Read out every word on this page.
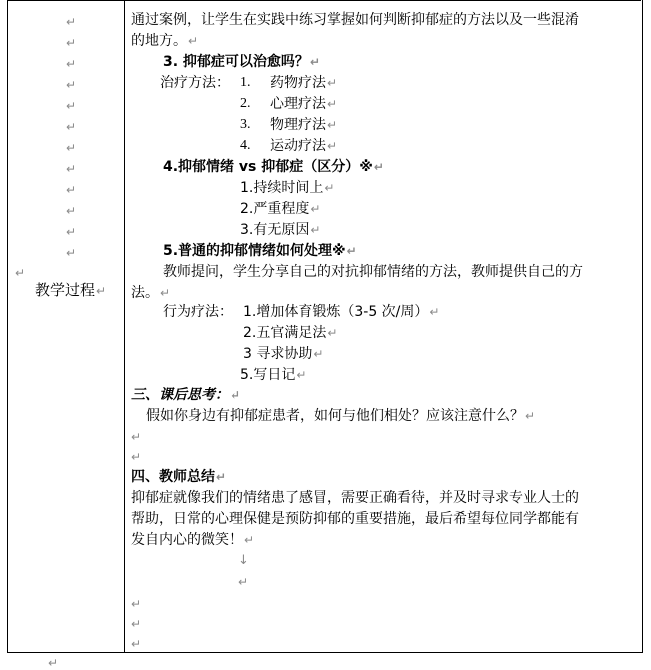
↵
↵
↵
↵
↵
↵
↵
↵
↵
↵
↵
↵
↵
教学过程↵
通过案例，让学生在实践中练习掌握如何判断抑郁症的方法以及一些混淆
的地方。↵
3. 抑郁症可以治愈吗？↵
治疗方法： 1. 药物疗法↵
2. 心理疗法↵
3. 物理疗法↵
4. 运动疗法↵
4.抑郁情绪 vs 抑郁症（区分）※↵
1.持续时间上↵
2.严重程度↵
3.有无原因↵
5.普通的抑郁情绪如何处理※↵
教师提问，学生分享自己的对抗抑郁情绪的方法，教师提供自己的方
法。↵
行为疗法： 1.增加体育锻炼（3-5 次/周）↵
2.五官满足法↵
3 寻求协助↵
5.写日记↵
三、课后思考：↵
假如你身边有抑郁症患者，如何与他们相处？应该注意什么？↵
↵
↵
四、教师总结↵
抑郁症就像我们的情绪患了感冒，需要正确看待，并及时寻求专业人士的
帮助，日常的心理保健是预防抑郁的重要措施，最后希望每位同学都能有
发自内心的微笑！↵
↓
↵
↵
↵
↵
↵
